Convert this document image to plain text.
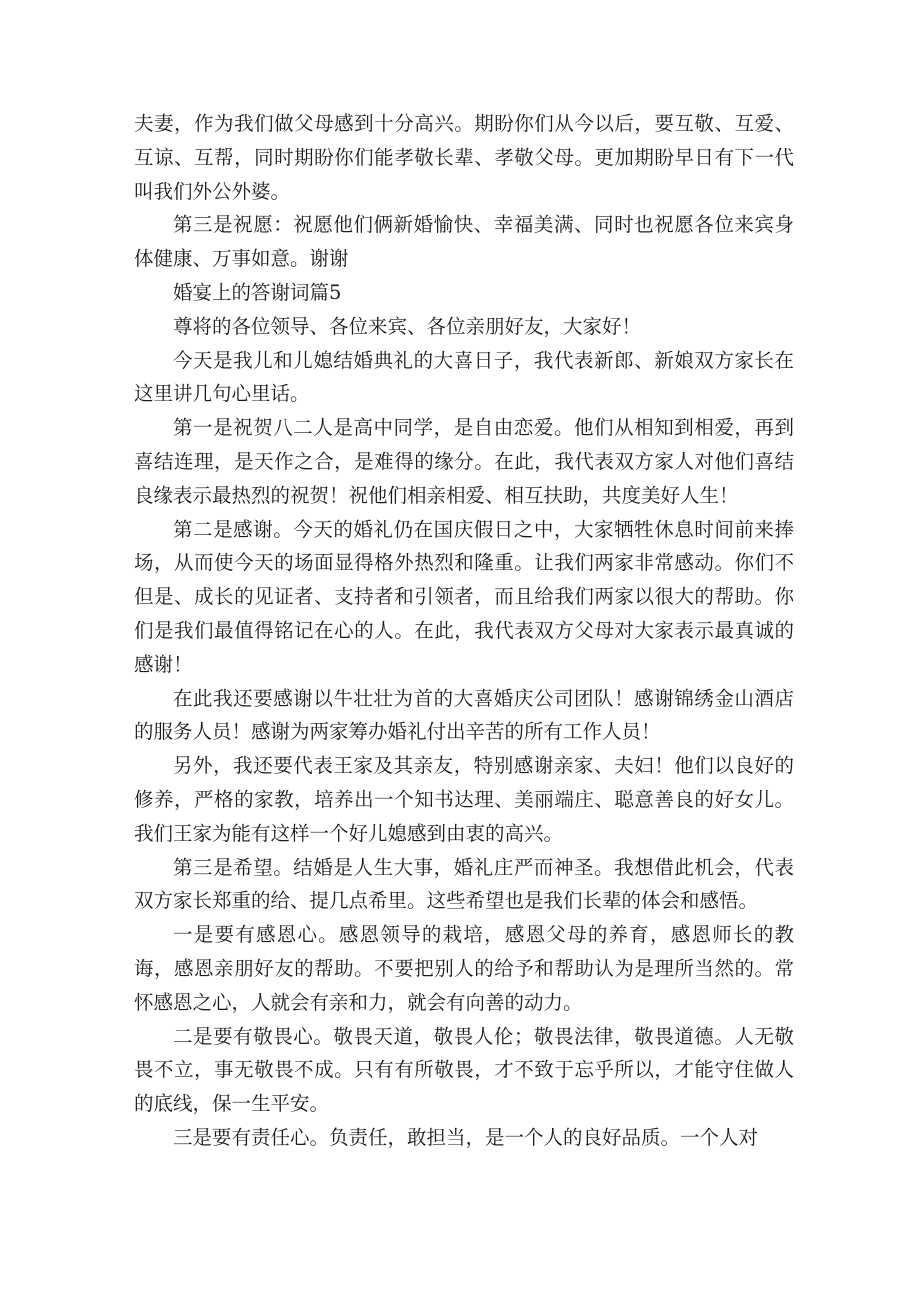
夫妻，作为我们做父母感到十分高兴。期盼你们从今以后，要互敬、互爱、互谅、互帮，同时期盼你们能孝敬长辈、孝敬父母。更加期盼早日有下一代叫我们外公外婆。

第三是祝愿：祝愿他们俩新婚愉快、幸福美满、同时也祝愿各位来宾身体健康、万事如意。谢谢

婚宴上的答谢词篇5

尊将的各位领导、各位来宾、各位亲朋好友，大家好！

今天是我儿和儿媳结婚典礼的大喜日子，我代表新郎、新娘双方家长在这里讲几句心里话。

第一是祝贺八二人是高中同学，是自由恋爱。他们从相知到相爱，再到喜结连理，是天作之合，是难得的缘分。在此，我代表双方家人对他们喜结良缘表示最热烈的祝贺！祝他们相亲相爱、相互扶助，共度美好人生！

第二是感谢。今天的婚礼仍在国庆假日之中，大家牺牲休息时间前来捧场，从而使今天的场面显得格外热烈和隆重。让我们两家非常感动。你们不但是、成长的见证者、支持者和引领者，而且给我们两家以很大的帮助。你们是我们最值得铭记在心的人。在此，我代表双方父母对大家表示最真诚的感谢！

在此我还要感谢以牛壮壮为首的大喜婚庆公司团队！感谢锦绣金山酒店的服务人员！感谢为两家筹办婚礼付出辛苦的所有工作人员！

另外，我还要代表王家及其亲友，特别感谢亲家、夫妇！他们以良好的修养，严格的家教，培养出一个知书达理、美丽端庄、聪意善良的好女儿。我们王家为能有这样一个好儿媳感到由衷的高兴。

第三是希望。结婚是人生大事，婚礼庄严而神圣。我想借此机会，代表双方家长郑重的给、提几点希里。这些希望也是我们长辈的体会和感悟。

一是要有感恩心。感恩领导的栽培，感恩父母的养育，感恩师长的教诲，感恩亲朋好友的帮助。不要把别人的给予和帮助认为是理所当然的。常怀感恩之心，人就会有亲和力，就会有向善的动力。

二是要有敬畏心。敬畏天道，敬畏人伦；敬畏法律，敬畏道德。人无敬畏不立，事无敬畏不成。只有有所敬畏，才不致于忘乎所以，才能守住做人的底线，保一生平安。

三是要有责任心。负责任，敢担当，是一个人的良好品质。一个人对
